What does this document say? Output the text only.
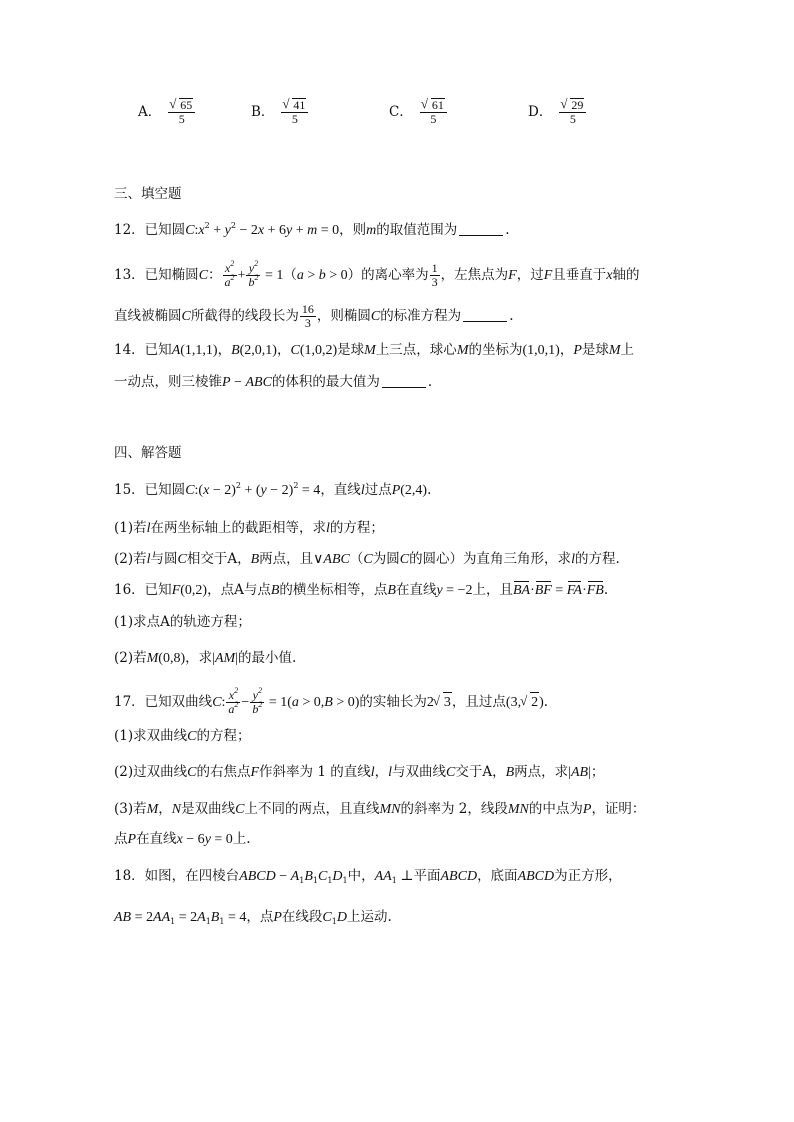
A． √ $\frac{65}{5}$	B． √ $\frac{41}{5}$	C． √ $\frac{61}{5}$	D． √ $\frac{29}{5}$
三、填空题
12．已知圆$C:x^2 + y^2 - 2x + 6y + m = 0$，则m的取值范围为	.
13．已知椭圆C： $\frac{x^2}{a^2} + \frac{y^2}{b^2} = 1(a > b > 0)$的离心率为 $\frac{1}{3}$ ，左焦点为F，过F且垂直于x轴的
直线被椭圆C所截得的线段长为 $\frac{16}{3}$ ，则椭圆C的标准方程为	.
14．已知A(1,1,1)，B(2,0,1)，C(1,0,2)是球M上三点，球心M的坐标为(1,0,1)，P是球M上
一动点，则三棱锥P − ABC的体积的最大值为	.
四、解答题
15．已知圆C:(x − $2)^2 + (y - 2)^2 = 4$，直线l过点P(2,4).
(1)若l在两坐标轴上的截距相等，求l的方程；
(2)若l与圆C相交于A，B两点，且∨ABC（C为圆C的圆心）为直角三角形，求l的方程.
16．已知F(0,2)，点A与点B的横坐标相等，点B在直线y = −2上，且BA·BF = FA·FB.
(1)求点A的轨迹方程；
(2)若M(0,8)，求|AM|的最小值.
17．已知双曲线C: $\frac{x^2}{a^2} - \frac{y^2}{b^2} = 1(a > 0,B > 0)$的实轴长为2 √ 3，且过点(3, √ 2).
(1)求双曲线C的方程；
(2)过双曲线C的右焦点F作斜率为 1 的直线l，l与双曲线C交于A，B两点，求|AB|；
(3)若M，N是双曲线C上不同的两点，且直线MN的斜率为 2，线段MN的中点为P，证明：
点P在直线x − 6y = 0上.
18．如图，在四棱台ABCD − $A_1B_1C_1D_1$中，$AA_1$ ⊥平面ABCD，底面ABCD为正方形，
AB = $2AA_1 = 2A_1B_1 = 4$，点P在线段$C_1D$上运动.
